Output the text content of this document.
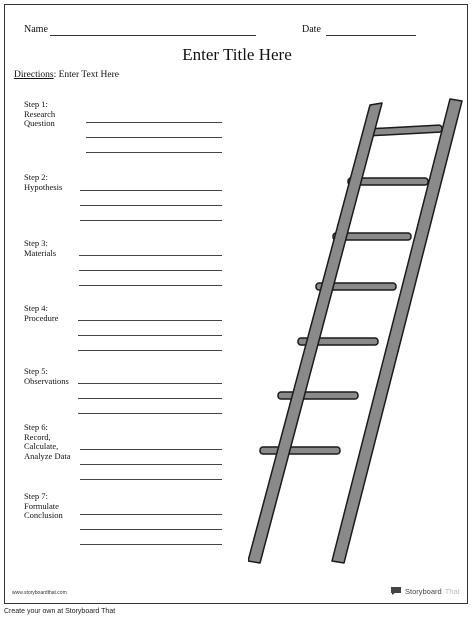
Name	Date
Enter Title Here
Directions: Enter Text Here
Step 1:
Research
Question
Step 2:
Hypothesis
Step 3:
Materials
Step 4:
Procedure
Step 5:
Observations
Step 6:
Record,
Calculate,
Analyze Data
Step 7:
Formulate
Conclusion
www.storyboardthat.com	Storyboard That
Create your own at Storyboard That
